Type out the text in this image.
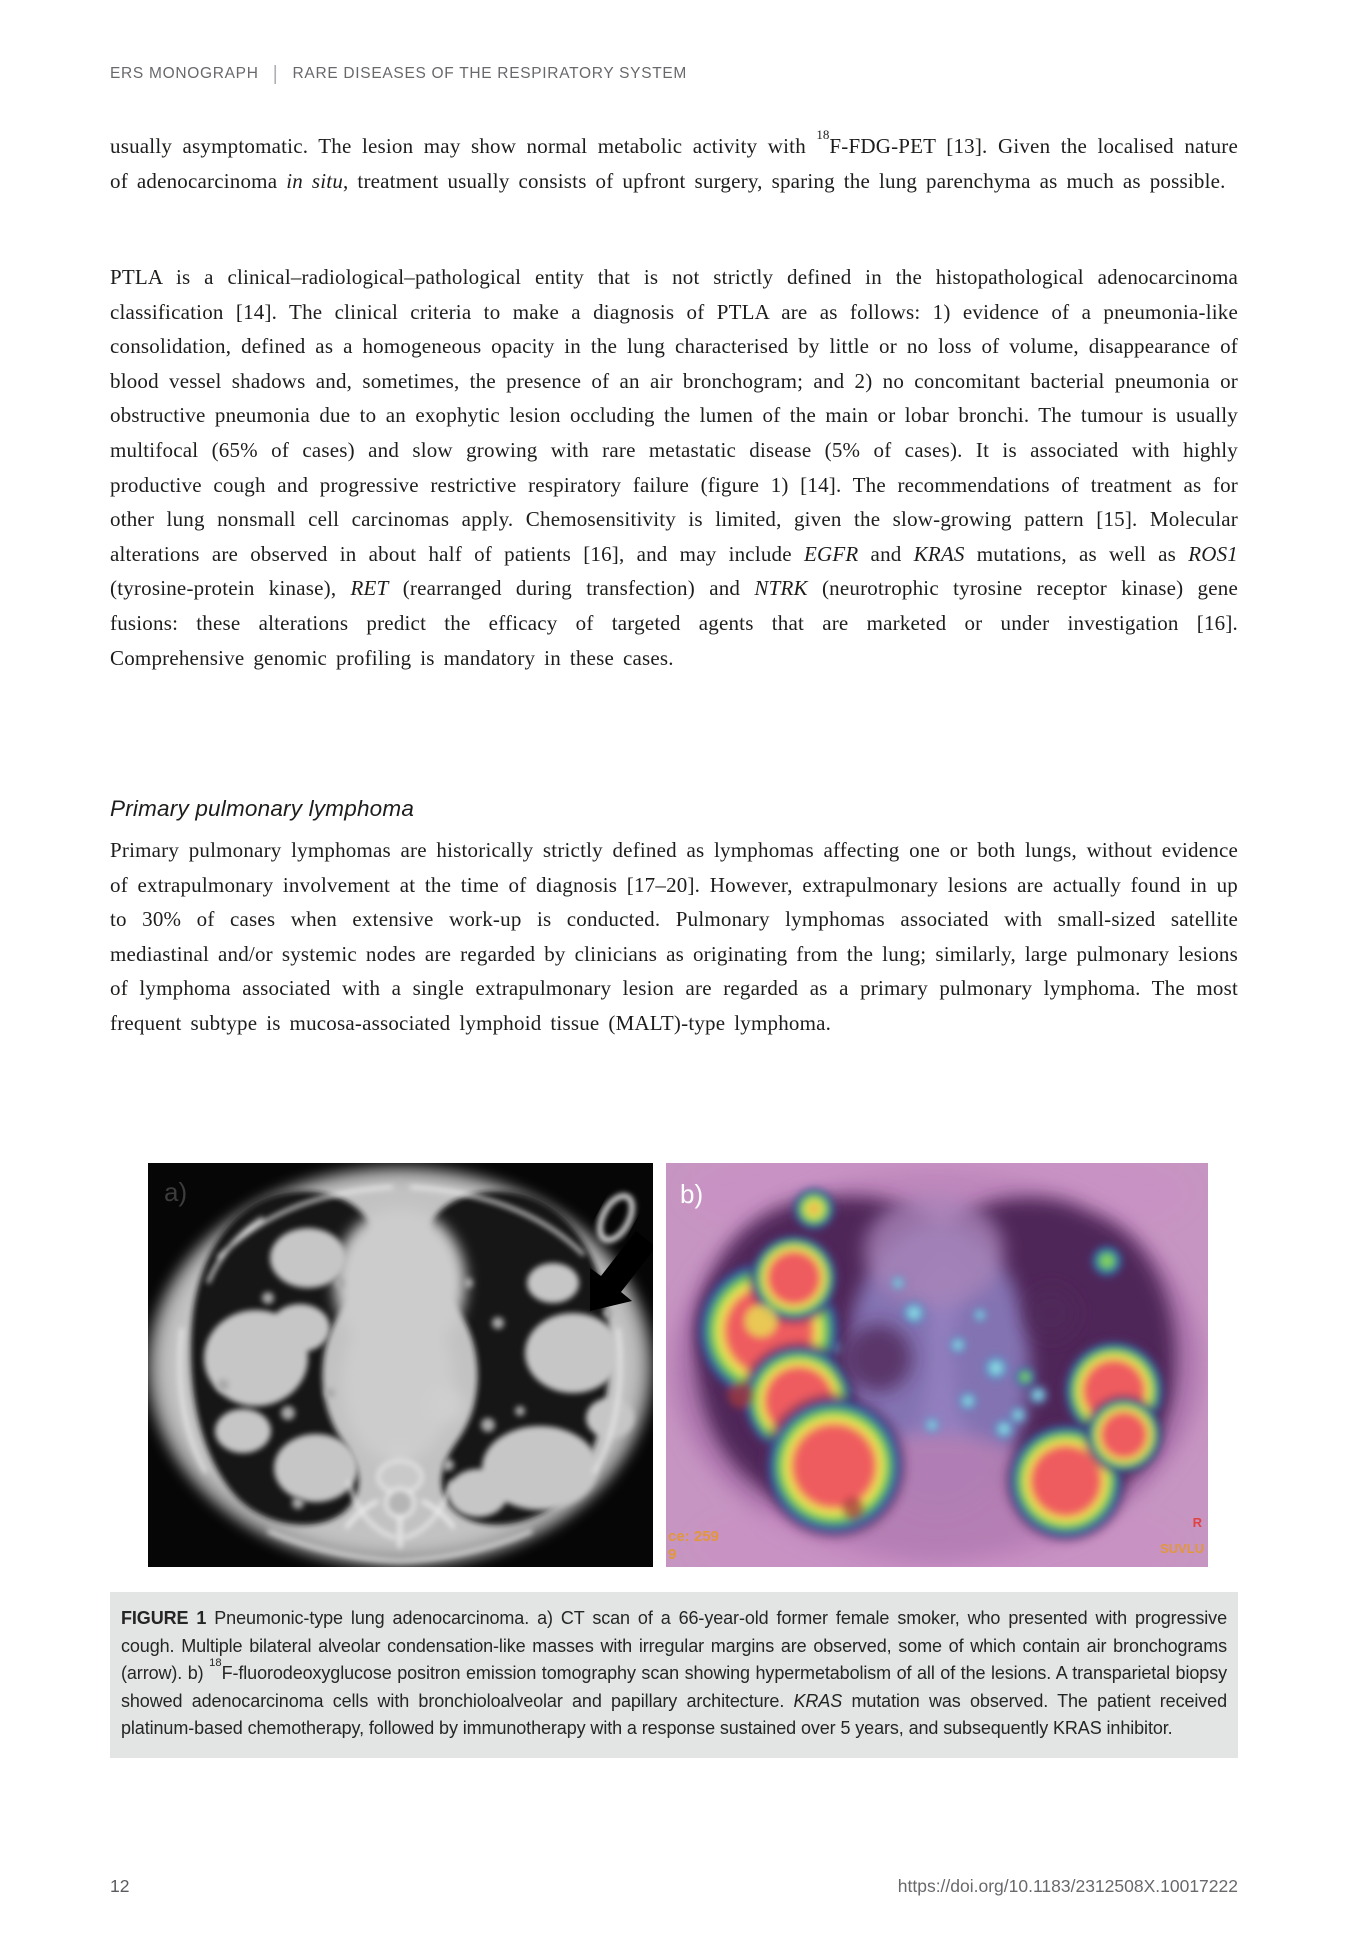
ERS MONOGRAPH | RARE DISEASES OF THE RESPIRATORY SYSTEM

usually asymptomatic. The lesion may show normal metabolic activity with $^{18}$F-FDG-PET [13]. Given the localised nature of adenocarcinoma in situ, treatment usually consists of upfront surgery, sparing the lung parenchyma as much as possible.

PTLA is a clinical–radiological–pathological entity that is not strictly defined in the histopathological adenocarcinoma classification [14]. The clinical criteria to make a diagnosis of PTLA are as follows: 1) evidence of a pneumonia-like consolidation, defined as a homogeneous opacity in the lung characterised by little or no loss of volume, disappearance of blood vessel shadows and, sometimes, the presence of an air bronchogram; and 2) no concomitant bacterial pneumonia or obstructive pneumonia due to an exophytic lesion occluding the lumen of the main or lobar bronchi. The tumour is usually multifocal (65% of cases) and slow growing with rare metastatic disease (5% of cases). It is associated with highly productive cough and progressive restrictive respiratory failure (figure 1) [14]. The recommendations of treatment as for other lung nonsmall cell carcinomas apply. Chemosensitivity is limited, given the slow-growing pattern [15]. Molecular alterations are observed in about half of patients [16], and may include EGFR and KRAS mutations, as well as ROS1 (tyrosine-protein kinase), RET (rearranged during transfection) and NTRK (neurotrophic tyrosine receptor kinase) gene fusions: these alterations predict the efficacy of targeted agents that are marketed or under investigation [16]. Comprehensive genomic profiling is mandatory in these cases.

Primary pulmonary lymphoma

Primary pulmonary lymphomas are historically strictly defined as lymphomas affecting one or both lungs, without evidence of extrapulmonary involvement at the time of diagnosis [17–20]. However, extrapulmonary lesions are actually found in up to 30% of cases when extensive work-up is conducted. Pulmonary lymphomas associated with small-sized satellite mediastinal and/or systemic nodes are regarded by clinicians as originating from the lung; similarly, large pulmonary lesions of lymphoma associated with a single extrapulmonary lesion are regarded as a primary pulmonary lymphoma. The most frequent subtype is mucosa-associated lymphoid tissue (MALT)-type lymphoma.

a)	b)
ce: 259
9
R
SUVLU

FIGURE 1 Pneumonic-type lung adenocarcinoma. a) CT scan of a 66-year-old former female smoker, who presented with progressive cough. Multiple bilateral alveolar condensation-like masses with irregular margins are observed, some of which contain air bronchograms (arrow). b) $^{18}$F-fluorodeoxyglucose positron emission tomography scan showing hypermetabolism of all of the lesions. A transparietal biopsy showed adenocarcinoma cells with bronchioloalveolar and papillary architecture. KRAS mutation was observed. The patient received platinum-based chemotherapy, followed by immunotherapy with a response sustained over 5 years, and subsequently KRAS inhibitor.

12	https://doi.org/10.1183/2312508X.10017222
